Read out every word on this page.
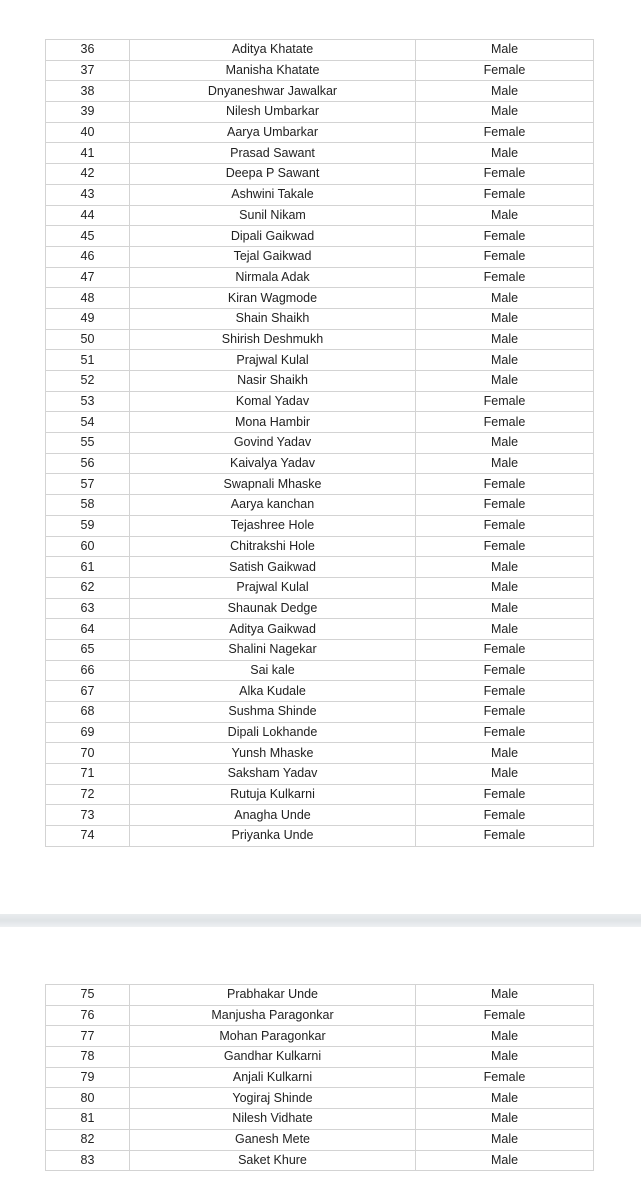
36	Aditya Khatate	Male
37	Manisha Khatate	Female
38	Dnyaneshwar Jawalkar	Male
39	Nilesh Umbarkar	Male
40	Aarya Umbarkar	Female
41	Prasad Sawant	Male
42	Deepa P Sawant	Female
43	Ashwini Takale	Female
44	Sunil Nikam	Male
45	Dipali Gaikwad	Female
46	Tejal Gaikwad	Female
47	Nirmala Adak	Female
48	Kiran Wagmode	Male
49	Shain Shaikh	Male
50	Shirish Deshmukh	Male
51	Prajwal Kulal	Male
52	Nasir Shaikh	Male
53	Komal Yadav	Female
54	Mona Hambir	Female
55	Govind Yadav	Male
56	Kaivalya Yadav	Male
57	Swapnali Mhaske	Female
58	Aarya kanchan	Female
59	Tejashree Hole	Female
60	Chitrakshi Hole	Female
61	Satish Gaikwad	Male
62	Prajwal Kulal	Male
63	Shaunak Dedge	Male
64	Aditya Gaikwad	Male
65	Shalini Nagekar	Female
66	Sai kale	Female
67	Alka Kudale	Female
68	Sushma Shinde	Female
69	Dipali Lokhande	Female
70	Yunsh Mhaske	Male
71	Saksham Yadav	Male
72	Rutuja Kulkarni	Female
73	Anagha Unde	Female
74	Priyanka Unde	Female
75	Prabhakar Unde	Male
76	Manjusha Paragonkar	Female
77	Mohan Paragonkar	Male
78	Gandhar Kulkarni	Male
79	Anjali Kulkarni	Female
80	Yogiraj Shinde	Male
81	Nilesh Vidhate	Male
82	Ganesh Mete	Male
83	Saket Khure	Male
